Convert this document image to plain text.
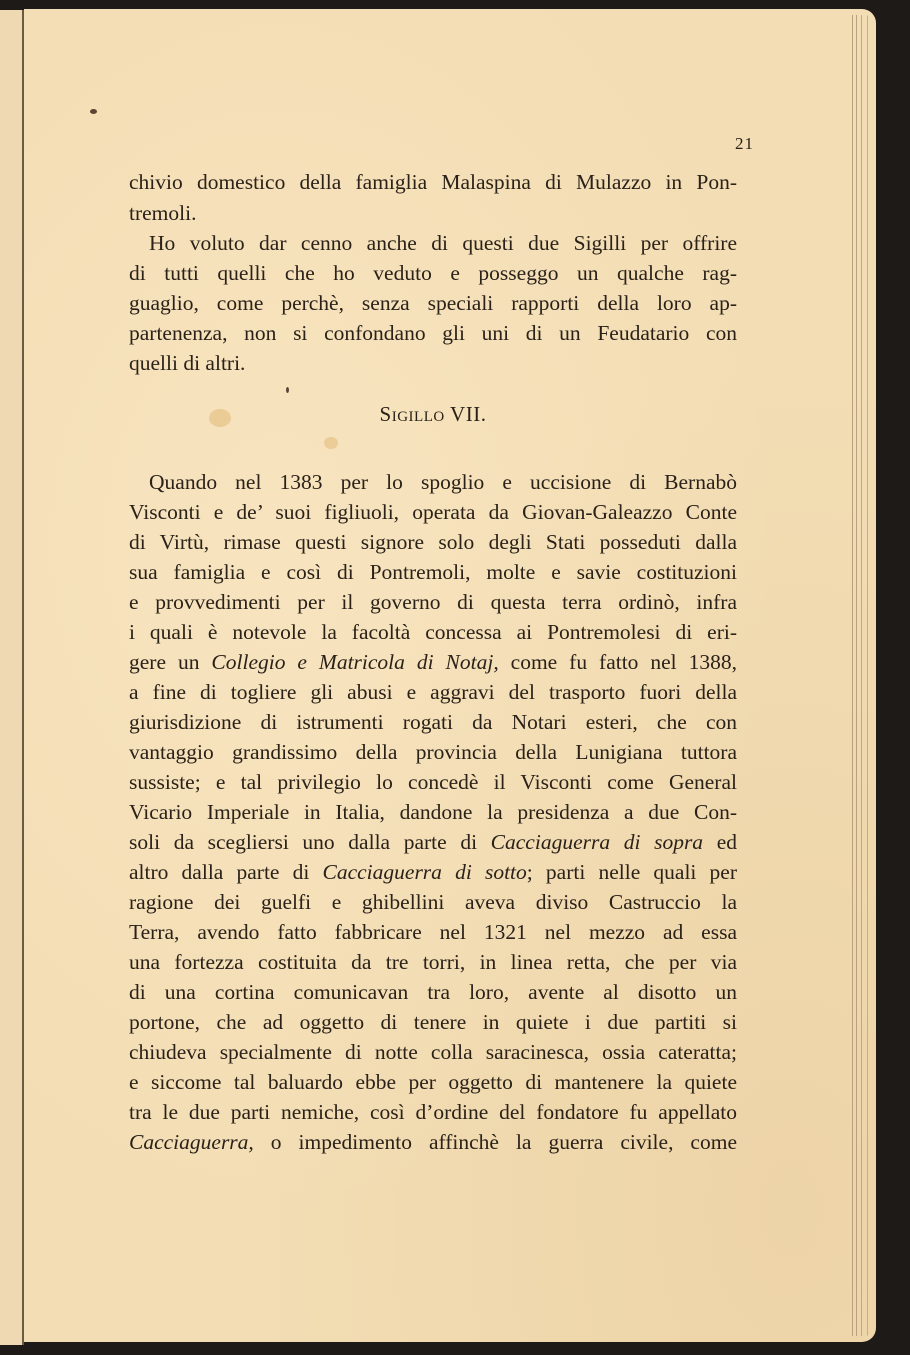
21
chivio domestico della famiglia Malaspina di Mulazzo in Pon-
tremoli.
Ho voluto dar cenno anche di questi due Sigilli per offrire
di tutti quelli che ho veduto e posseggo un qualche rag-
guaglio, come perchè, senza speciali rapporti della loro ap-
partenenza, non si confondano gli uni di un Feudatario con
quelli di altri.
Sigillo VII.
Quando nel 1383 per lo spoglio e uccisione di Bernabò
Visconti e de’ suoi figliuoli, operata da Giovan-Galeazzo Conte
di Virtù, rimase questi signore solo degli Stati posseduti dalla
sua famiglia e così di Pontremoli, molte e savie costituzioni
e provvedimenti per il governo di questa terra ordinò, infra
i quali è notevole la facoltà concessa ai Pontremolesi di eri-
gere un Collegio e Matricola di Notaj, come fu fatto nel 1388,
a fine di togliere gli abusi e aggravi del trasporto fuori della
giurisdizione di istrumenti rogati da Notari esteri, che con
vantaggio grandissimo della provincia della Lunigiana tuttora
sussiste; e tal privilegio lo concedè il Visconti come General
Vicario Imperiale in Italia, dandone la presidenza a due Con-
soli da scegliersi uno dalla parte di Cacciaguerra di sopra ed
altro dalla parte di Cacciaguerra di sotto; parti nelle quali per
ragione dei guelfi e ghibellini aveva diviso Castruccio la
Terra, avendo fatto fabbricare nel 1321 nel mezzo ad essa
una fortezza costituita da tre torri, in linea retta, che per via
di una cortina comunicavan tra loro, avente al disotto un
portone, che ad oggetto di tenere in quiete i due partiti si
chiudeva specialmente di notte colla saracinesca, ossia cateratta;
e siccome tal baluardo ebbe per oggetto di mantenere la quiete
tra le due parti nemiche, così d’ordine del fondatore fu appellato
Cacciaguerra, o impedimento affinchè la guerra civile, come
